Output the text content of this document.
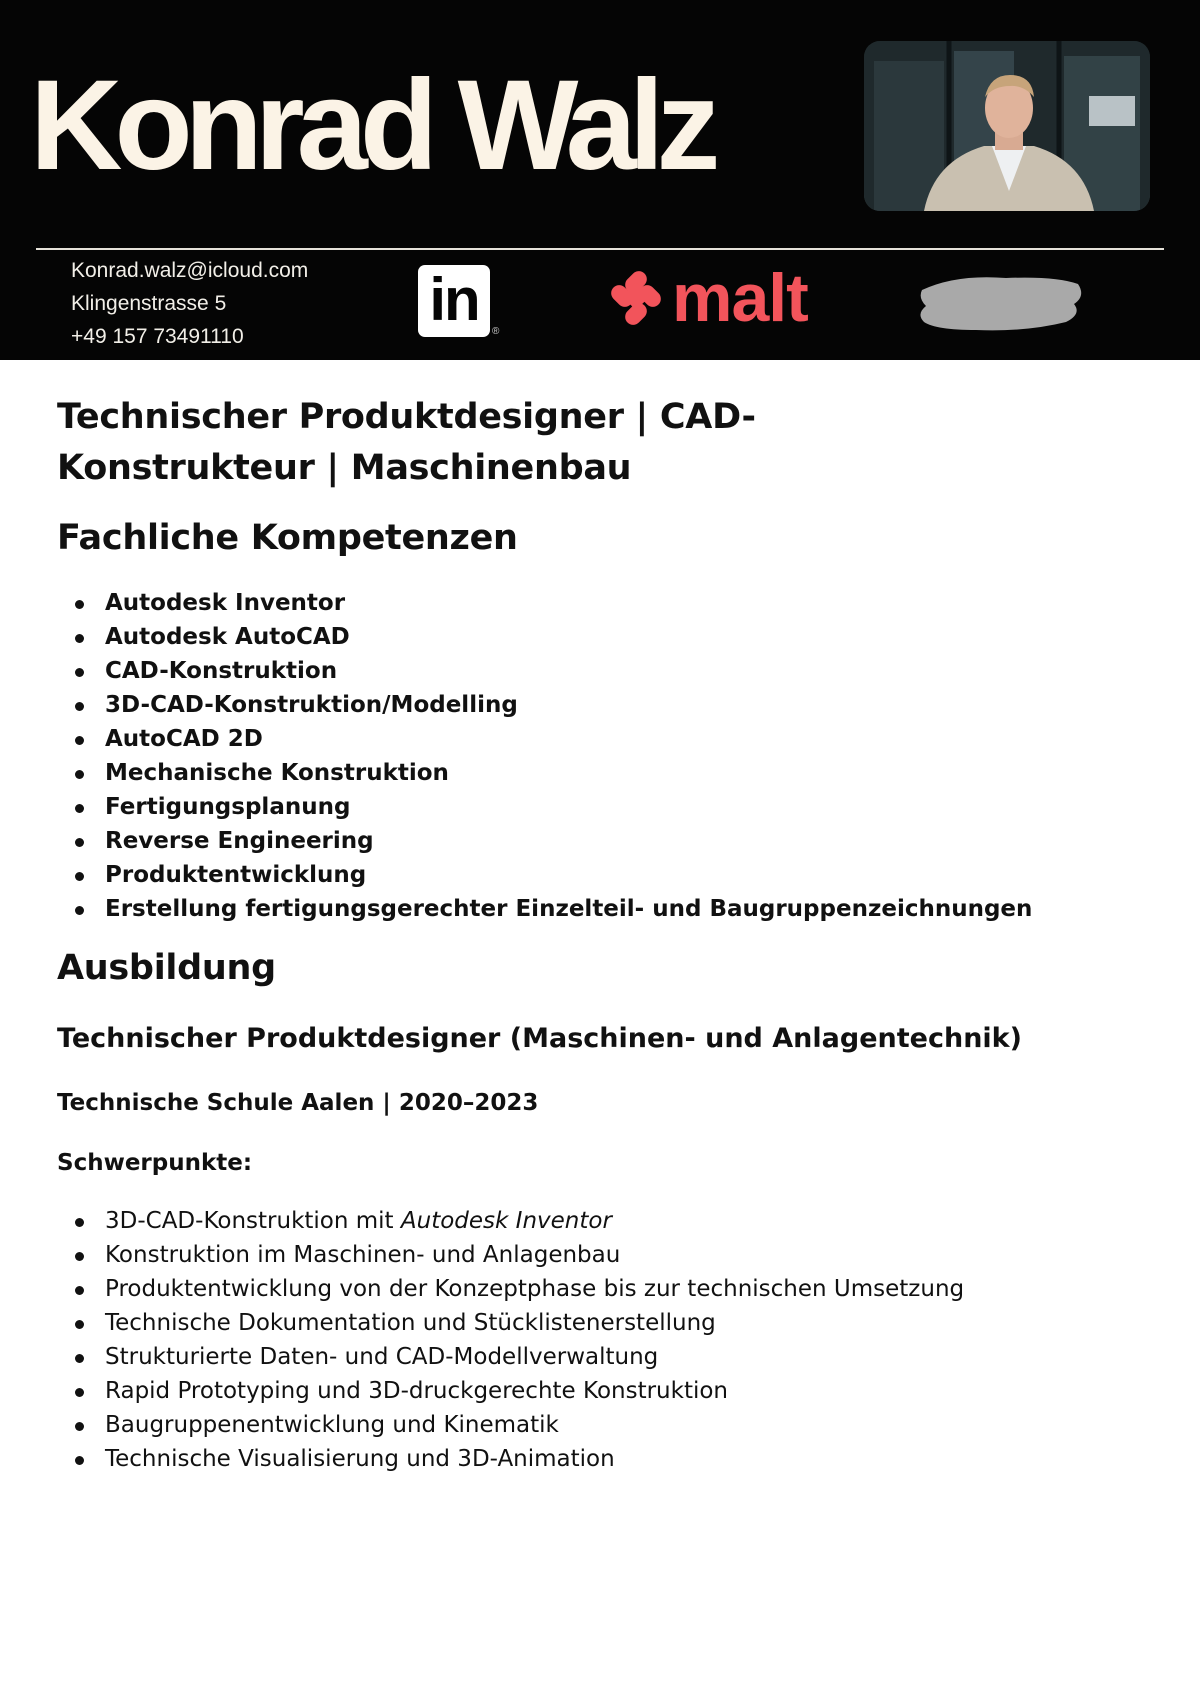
Konrad Walz
Konrad.walz@icloud.com
Klingenstrasse 5
+49 157 73491110
in	®	malt
Technischer Produktdesigner | CAD-Konstrukteur | Maschinenbau
Fachliche Kompetenzen
Autodesk Inventor
Autodesk AutoCAD
CAD-Konstruktion
3D-CAD-Konstruktion/Modelling
AutoCAD 2D
Mechanische Konstruktion
Fertigungsplanung
Reverse Engineering
Produktentwicklung
Erstellung fertigungsgerechter Einzelteil- und Baugruppenzeichnungen
Ausbildung
Technischer Produktdesigner (Maschinen- und Anlagentechnik)
Technische Schule Aalen | 2020–2023
Schwerpunkte:
3D-CAD-Konstruktion mit Autodesk Inventor
Konstruktion im Maschinen- und Anlagenbau
Produktentwicklung von der Konzeptphase bis zur technischen Umsetzung
Technische Dokumentation und Stücklistenerstellung
Strukturierte Daten- und CAD-Modellverwaltung
Rapid Prototyping und 3D-druckgerechte Konstruktion
Baugruppenentwicklung und Kinematik
Technische Visualisierung und 3D-Animation
